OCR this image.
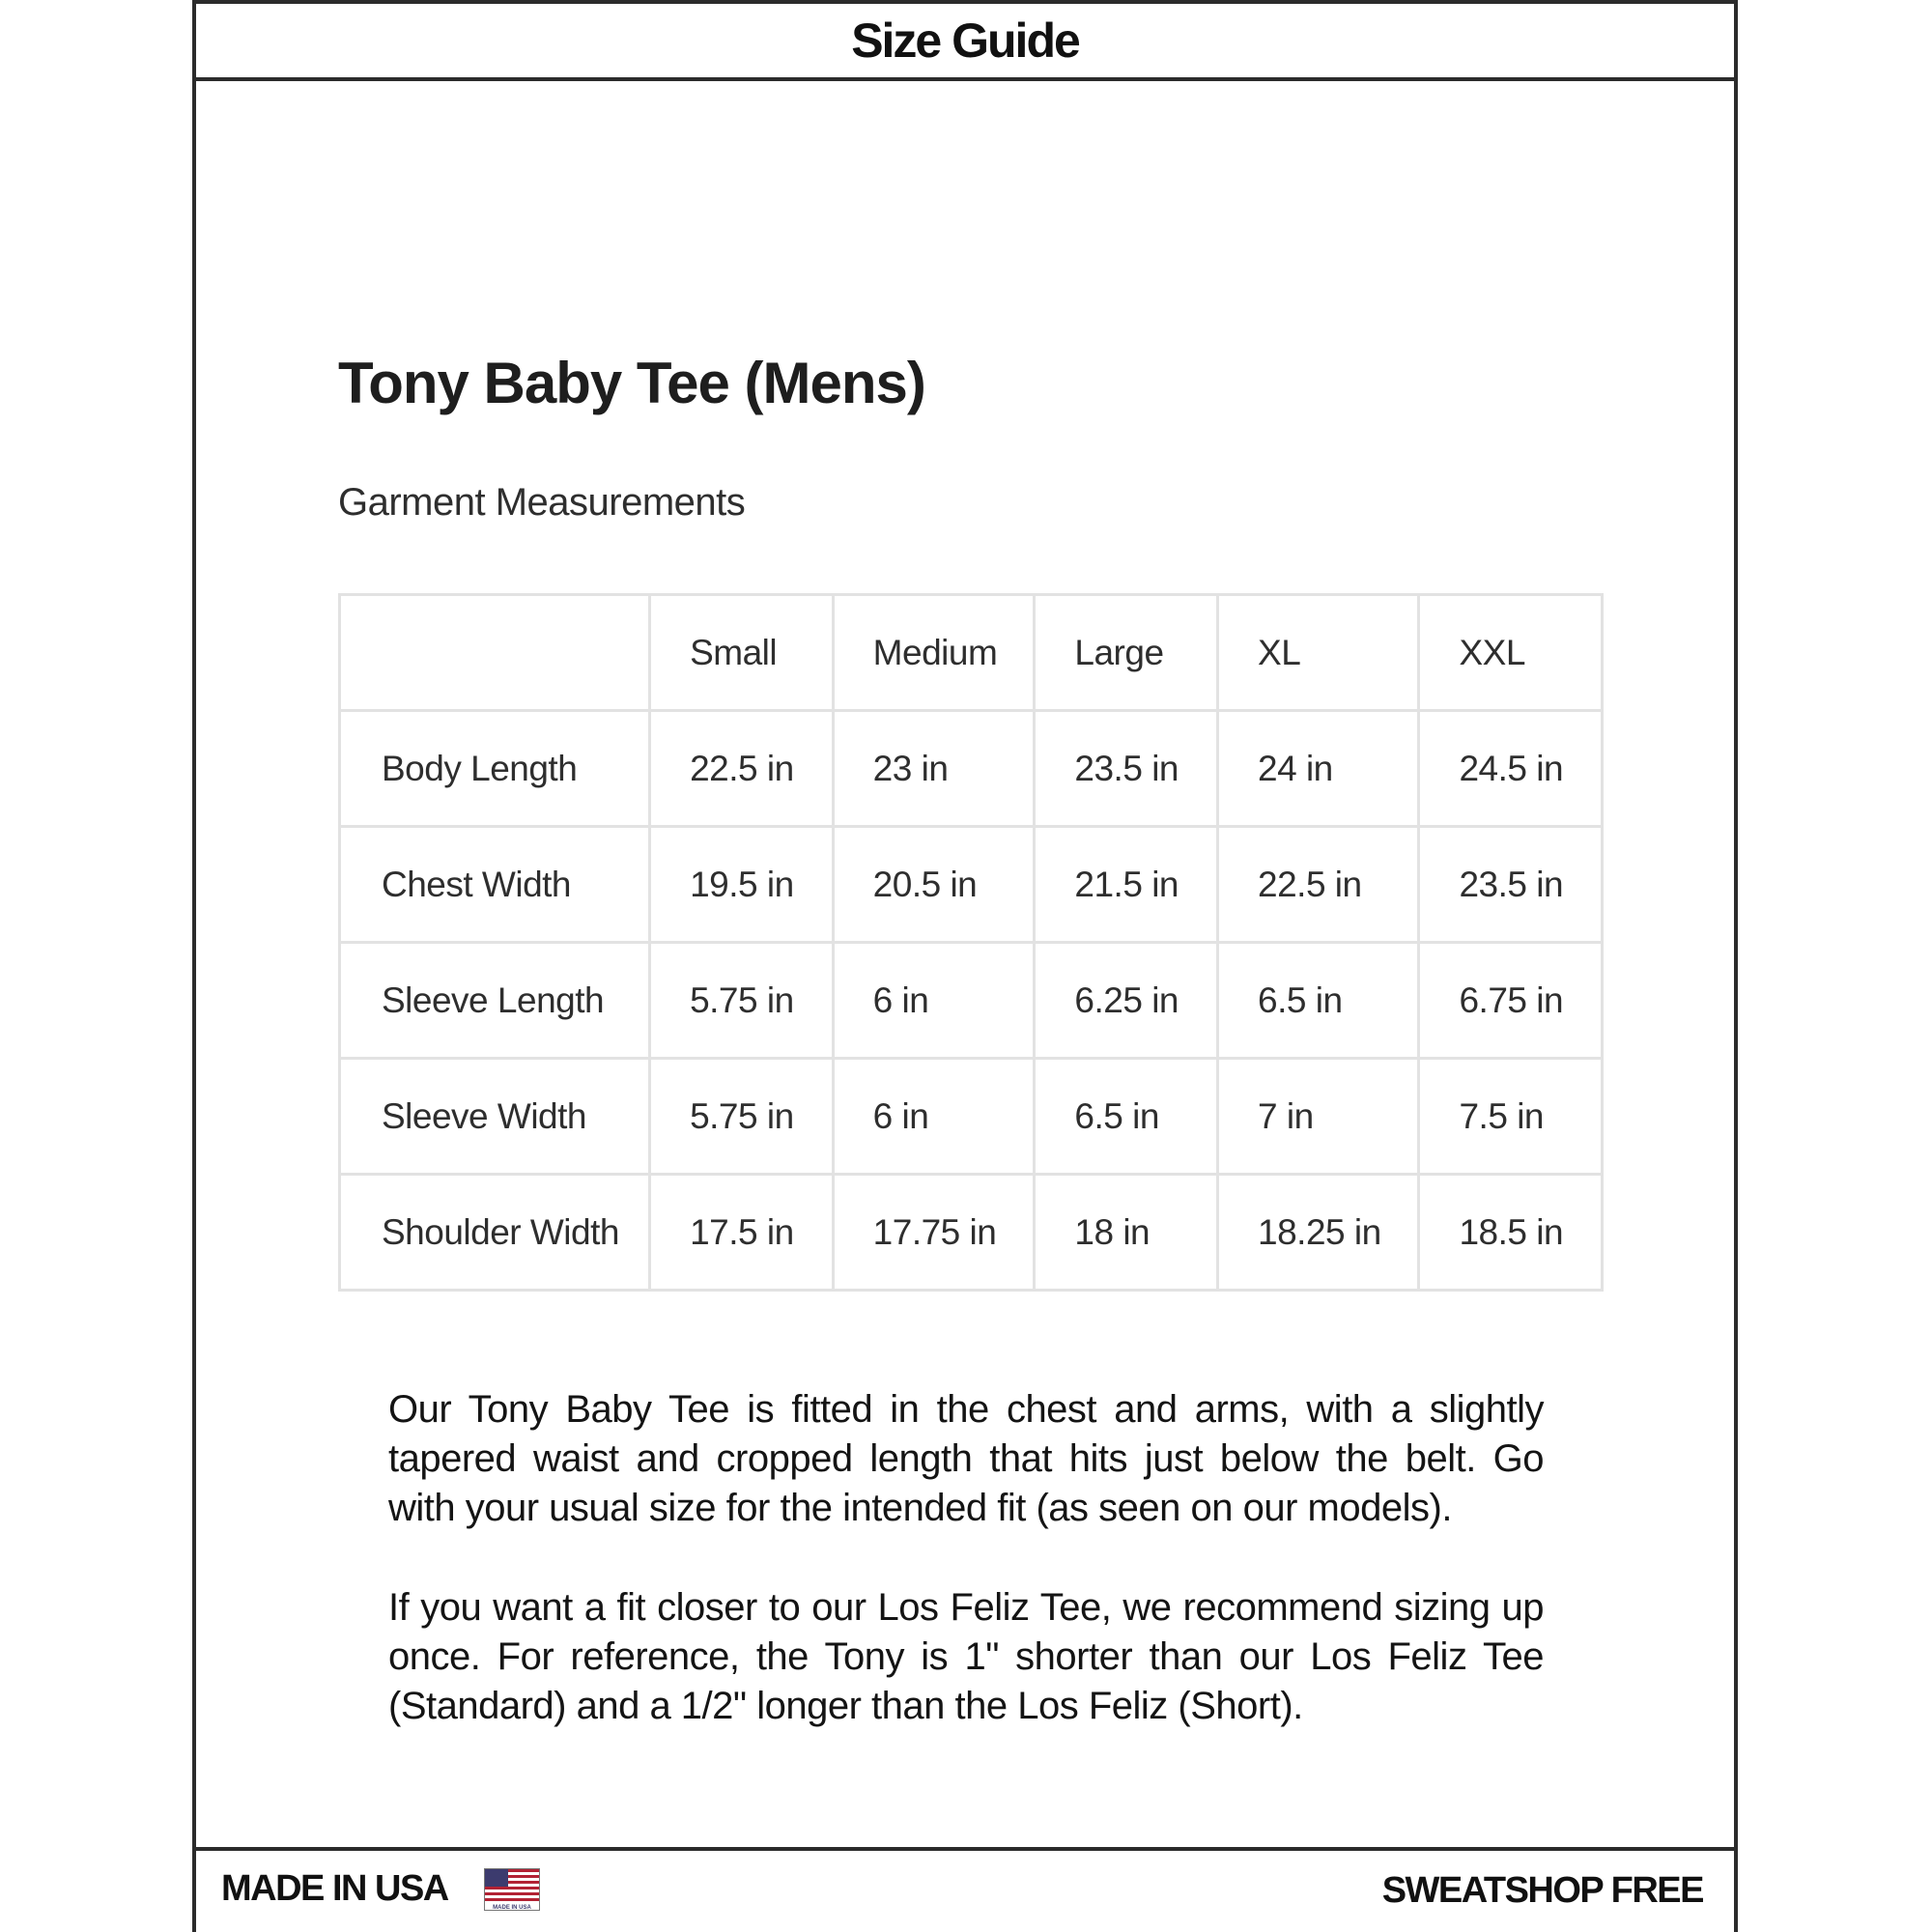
Size Guide
Tony Baby Tee (Mens)
Garment Measurements
	Small	Medium	Large	XL	XXL
Body Length	22.5 in	23 in	23.5 in	24 in	24.5 in
Chest Width	19.5 in	20.5 in	21.5 in	22.5 in	23.5 in
Sleeve Length	5.75 in	6 in	6.25 in	6.5 in	6.75 in
Sleeve Width	5.75 in	6 in	6.5 in	7 in	7.5 in
Shoulder Width	17.5 in	17.75 in	18 in	18.25 in	18.5 in

Our Tony Baby Tee is fitted in the chest and arms, with a slightly tapered waist and cropped length that hits just below the belt. Go with your usual size for the intended fit (as seen on our models).

If you want a fit closer to our Los Feliz Tee, we recommend sizing up once. For reference, the Tony is 1" shorter than our Los Feliz Tee (Standard) and a 1/2" longer than the Los Feliz (Short).

MADE IN USA	MADE IN USA	SWEATSHOP FREE
